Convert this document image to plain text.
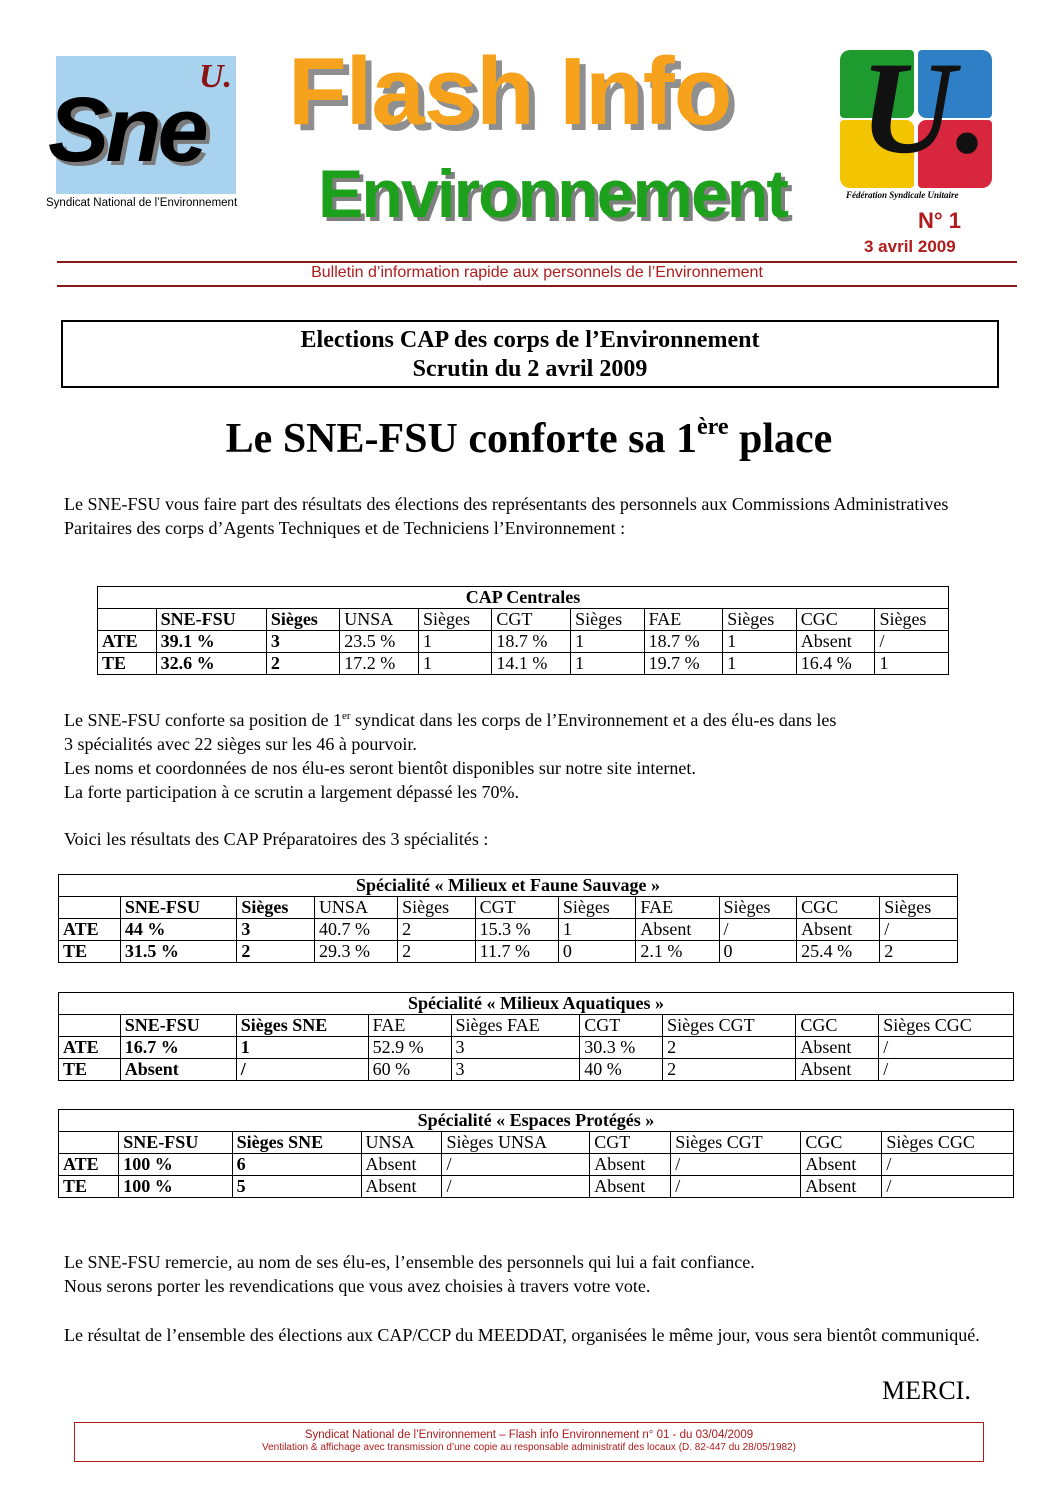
U.
Sne
Syndicat National de l’Environnement
Flash Info
Environnement
U.
Fédération Syndicale Unitaire
N° 1
3 avril 2009
Bulletin d’information rapide aux personnels de l’Environnement
Elections CAP des corps de l’Environnement
Scrutin du 2 avril 2009
Le SNE-FSU conforte sa 1ère place
Le SNE-FSU vous faire part des résultats des élections des représentants des personnels aux Commissions Administratives Paritaires des corps d’Agents Techniques et de Techniciens l’Environnement :
CAP Centrales										
	SNE-FSU	Sièges	UNSA	Sièges	CGT	Sièges	FAE	Sièges	CGC	Sièges
ATE	39.1 %	3	23.5 %	1	18.7 %	1	18.7 %	1	Absent	/
TE	32.6 %	2	17.2 %	1	14.1 %	1	19.7 %	1	16.4 %	1
Le SNE-FSU conforte sa position de 1er syndicat dans les corps de l’Environnement et a des élu-es dans les
3 spécialités avec 22 sièges sur les 46 à pourvoir.
Les noms et coordonnées de nos élu-es seront bientôt disponibles sur notre site internet.
La forte participation à ce scrutin a largement dépassé les 70%.
Voici les résultats des CAP Préparatoires des 3 spécialités :
Spécialité « Milieux et Faune Sauvage »										
	SNE-FSU	Sièges	UNSA	Sièges	CGT	Sièges	FAE	Sièges	CGC	Sièges
ATE	44 %	3	40.7 %	2	15.3 %	1	Absent	/	Absent	/
TE	31.5 %	2	29.3 %	2	11.7 %	0	2.1 %	0	25.4 %	2
Spécialité « Milieux Aquatiques »								
	SNE-FSU	Sièges SNE	FAE	Sièges FAE	CGT	Sièges CGT	CGC	Sièges CGC
ATE	16.7 %	1	52.9 %	3	30.3 %	2	Absent	/
TE	Absent	/	60 %	3	40 %	2	Absent	/
Spécialité « Espaces Protégés »								
	SNE-FSU	Sièges SNE	UNSA	Sièges UNSA	CGT	Sièges CGT	CGC	Sièges CGC
ATE	100 %	6	Absent	/	Absent	/	Absent	/
TE	100 %	5	Absent	/	Absent	/	Absent	/
Le SNE-FSU remercie, au nom de ses élu-es, l’ensemble des personnels qui lui a fait confiance.
Nous serons porter les revendications que vous avez choisies à travers votre vote.
Le résultat de l’ensemble des élections aux CAP/CCP du MEEDDAT, organisées le même jour, vous sera bientôt communiqué.
MERCI.
Syndicat National de l’Environnement – Flash info Environnement n° 01 - du 03/04/2009
Ventilation & affichage avec transmission d’une copie au responsable administratif des locaux (D. 82-447 du 28/05/1982)
